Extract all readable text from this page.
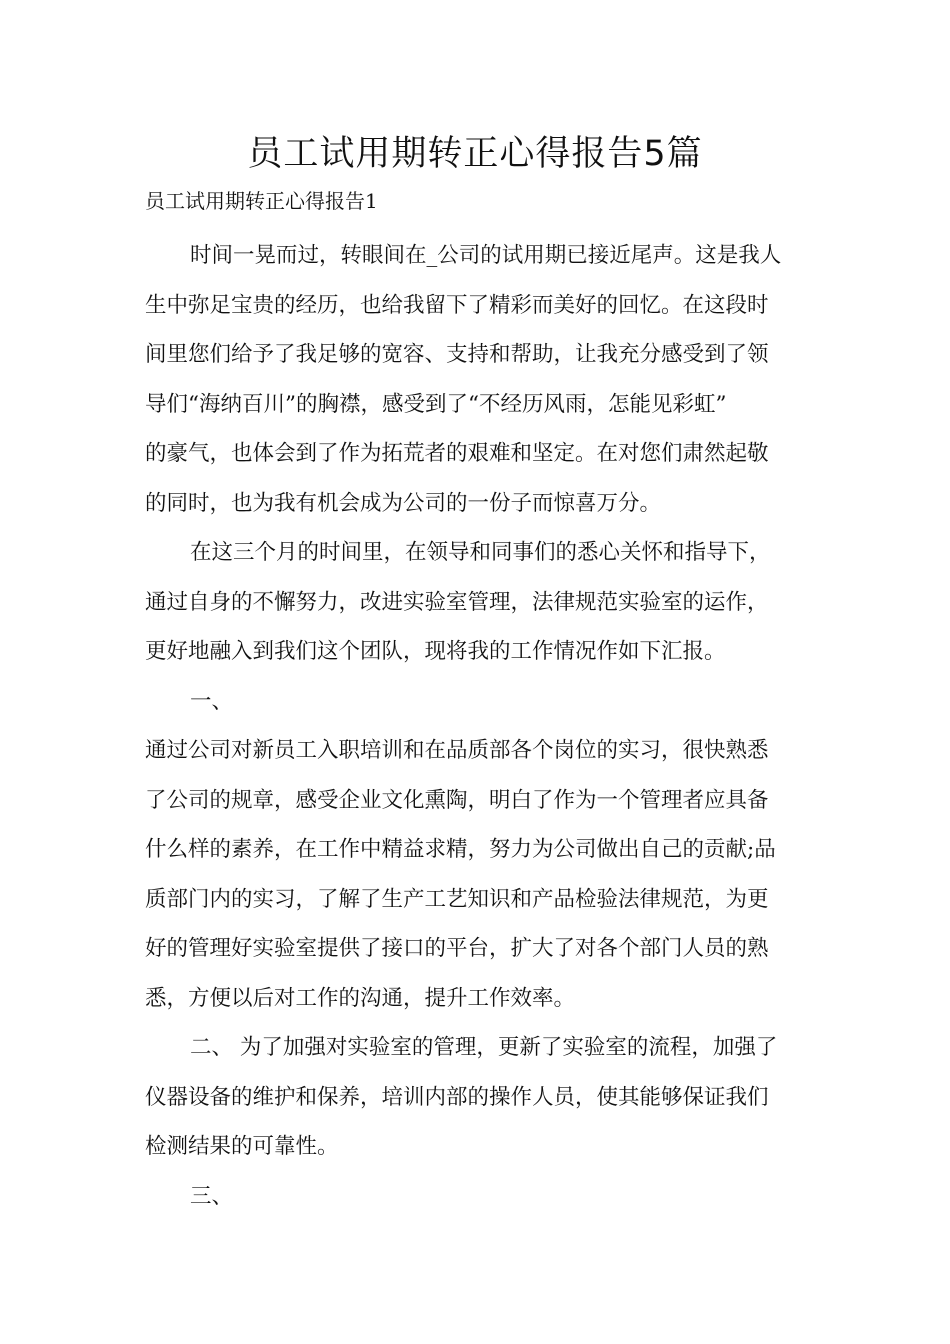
员工试用期转正心得报告5篇

员工试用期转正心得报告1

时间一晃而过，转眼间在_公司的试用期已接近尾声。这是我人
生中弥足宝贵的经历，也给我留下了精彩而美好的回忆。在这段时
间里您们给予了我足够的宽容、支持和帮助，让我充分感受到了领
导们“海纳百川”的胸襟，感受到了“不经历风雨，怎能见彩虹”
的豪气，也体会到了作为拓荒者的艰难和坚定。在对您们肃然起敬
的同时，也为我有机会成为公司的一份子而惊喜万分。
在这三个月的时间里，在领导和同事们的悉心关怀和指导下，
通过自身的不懈努力，改进实验室管理，法律规范实验室的运作，
更好地融入到我们这个团队，现将我的工作情况作如下汇报。
一、
通过公司对新员工入职培训和在品质部各个岗位的实习，很快熟悉
了公司的规章，感受企业文化熏陶，明白了作为一个管理者应具备
什么样的素养，在工作中精益求精，努力为公司做出自己的贡献;品
质部门内的实习，了解了生产工艺知识和产品检验法律规范，为更
好的管理好实验室提供了接口的平台，扩大了对各个部门人员的熟
悉，方便以后对工作的沟通，提升工作效率。
二、 为了加强对实验室的管理，更新了实验室的流程，加强了
仪器设备的维护和保养，培训内部的操作人员，使其能够保证我们
检测结果的可靠性。
三、
